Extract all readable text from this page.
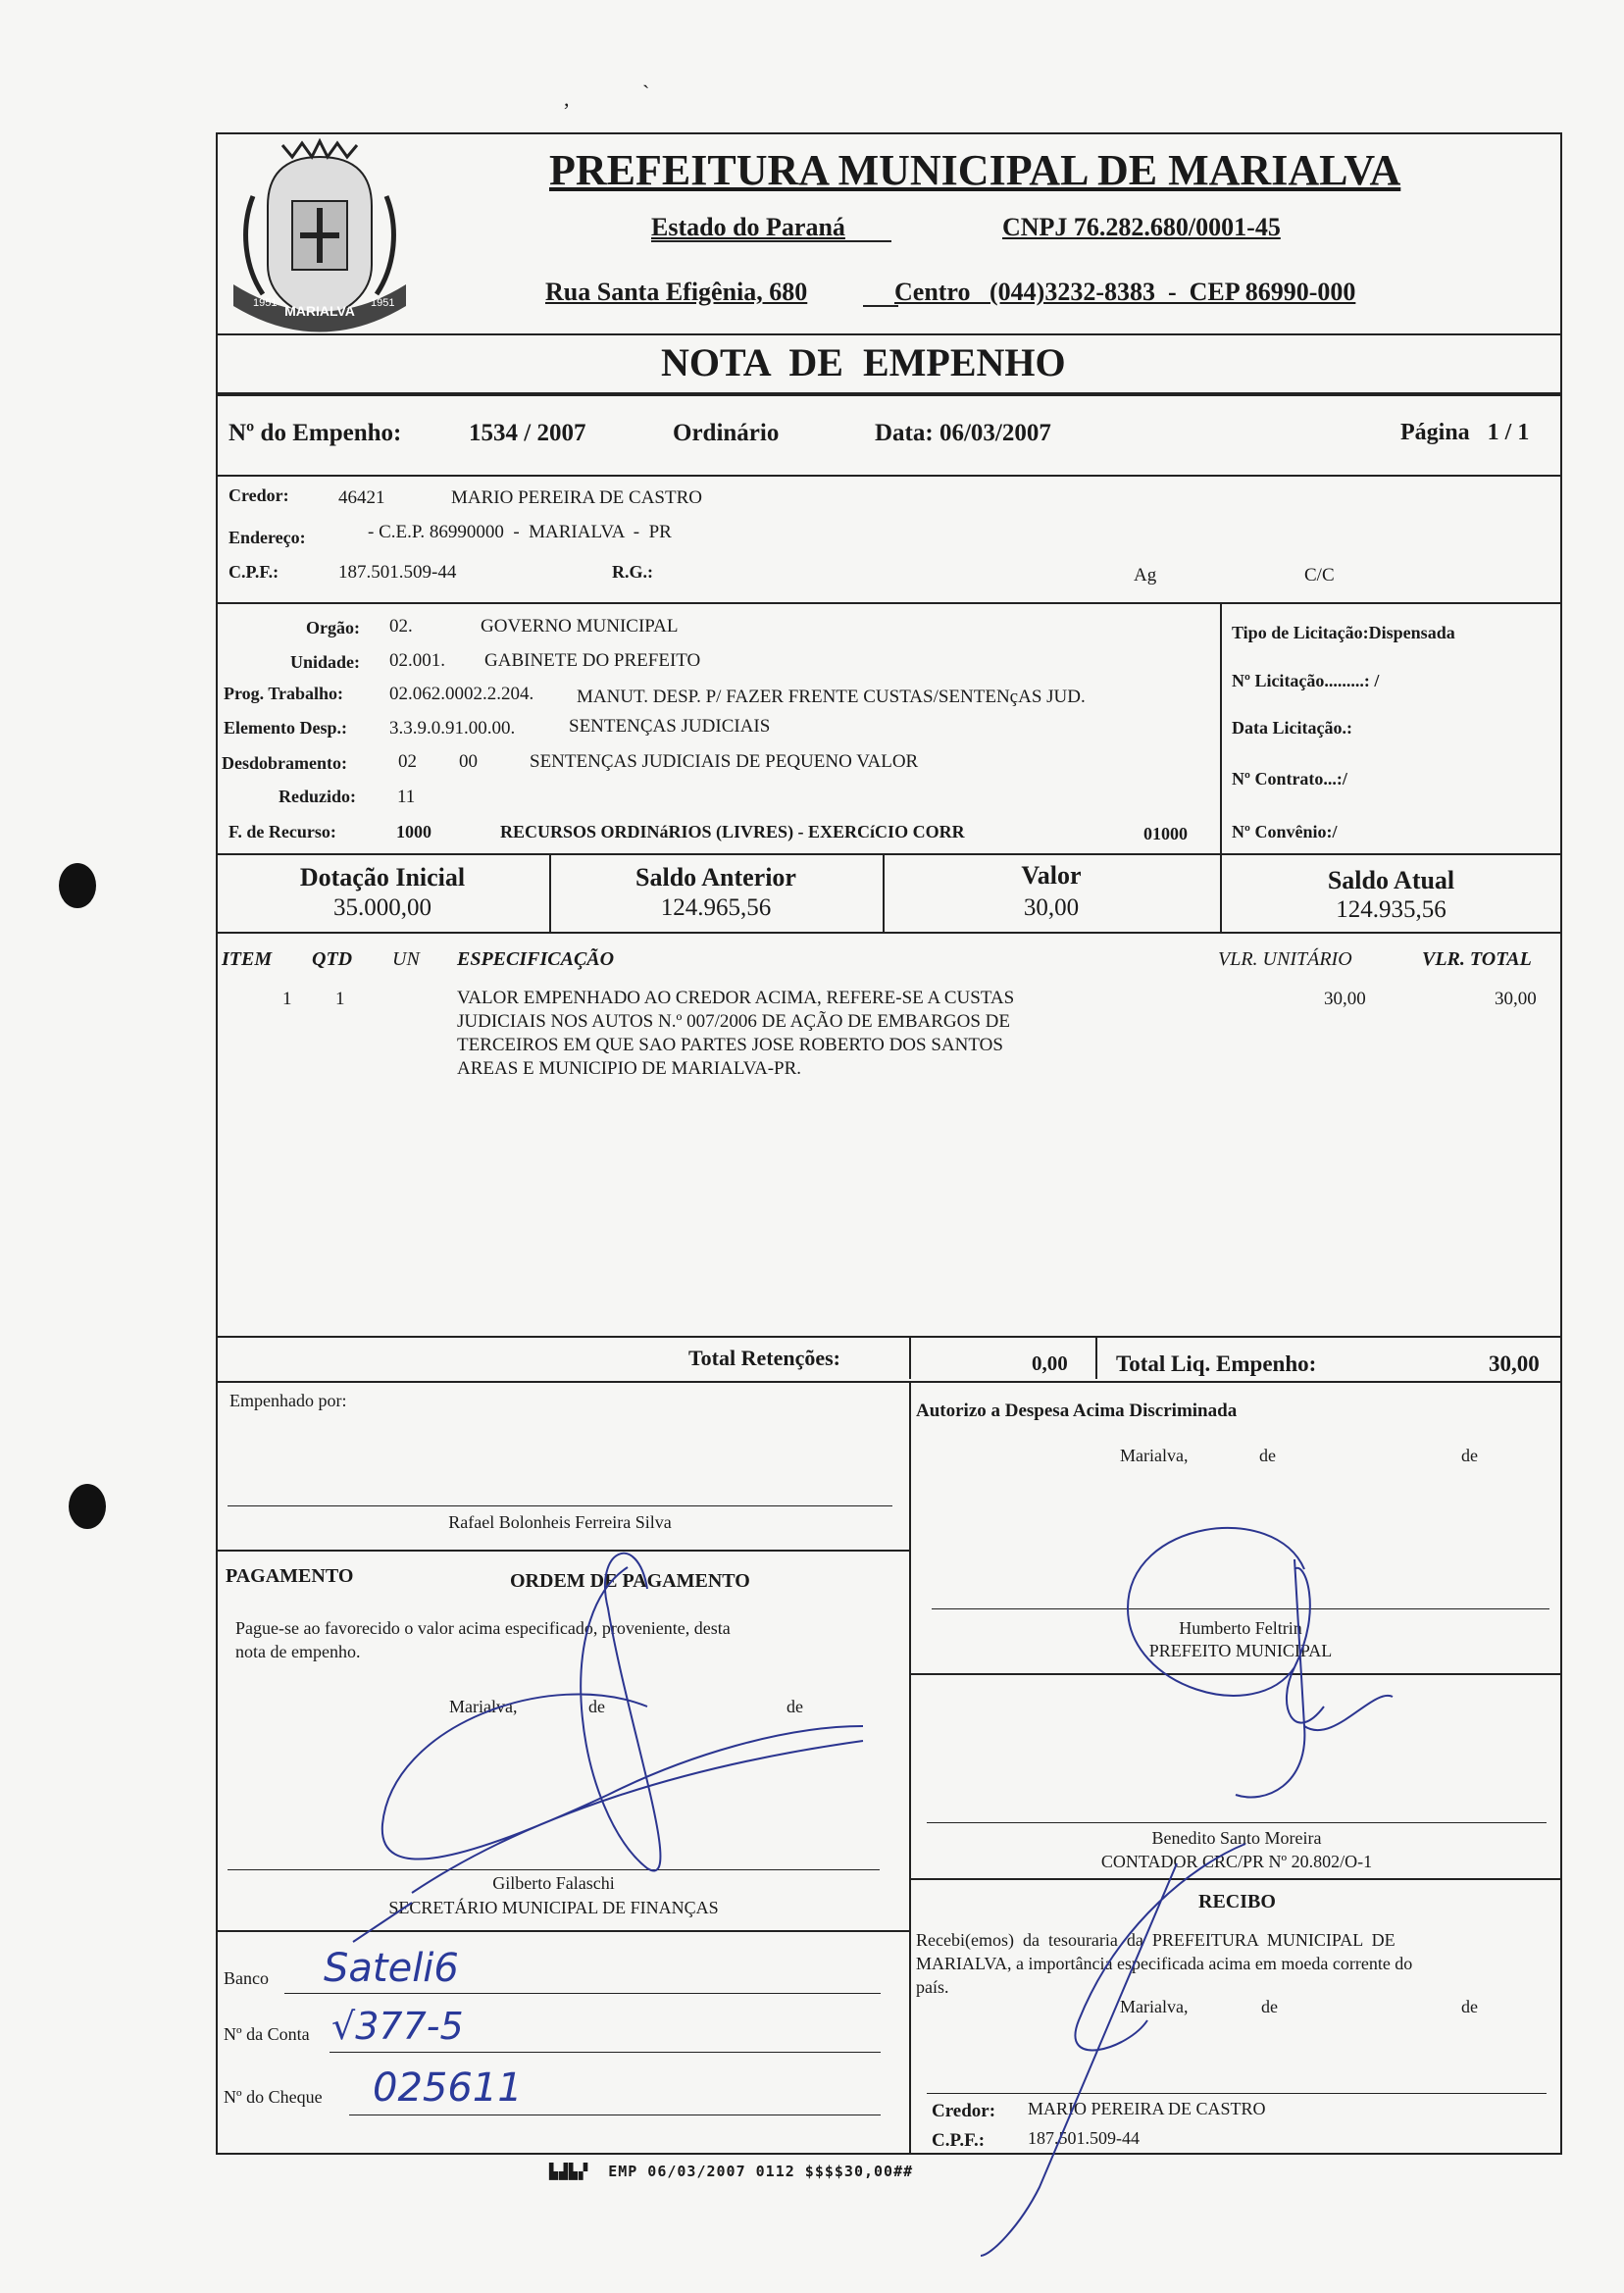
,	`
MARIALVA
1951	1951
PREFEITURA MUNICIPAL DE MARIALVA
Estado do Paraná	CNPJ 76.282.680/0001-45
Rua Santa Efigênia, 680	Centro   (044)3232-8383  -  CEP 86990-000
NOTA  DE  EMPENHO
Nº do Empenho:	1534 / 2007	Ordinário	Data: 06/03/2007	Página   1 / 1
Credor:	46421	MARIO PEREIRA DE CASTRO
Endereço:	- C.E.P. 86990000  -  MARIALVA  -  PR
C.P.F.:	187.501.509-44	R.G.:	Ag	C/C
Orgão: 02.	GOVERNO MUNICIPAL
Unidade: 02.001. GABINETE DO PREFEITO
Prog. Trabalho: 02.062.0002.2.204. MANUT. DESP. P/ FAZER FRENTE CUSTAS/SENTENçAS JUD.
Elemento Desp.: 3.3.9.0.91.00.00.	SENTENÇAS JUDICIAIS
Desdobramento:	02 00	SENTENÇAS JUDICIAIS DE PEQUENO VALOR
Reduzido: 11
F. de Recurso:	1000	RECURSOS ORDINáRIOS (LIVRES) - EXERCíCIO CORR	01000
Tipo de Licitação:Dispensada
Nº Licitação.........: /
Data Licitação.:
Nº Contrato...:/
Nº Convênio:/
Dotação Inicial
35.000,00
Saldo Anterior
124.965,56
Valor
30,00
Saldo Atual
124.935,56
ITEM QTD UN ESPECIFICAÇÃO	VLR. UNITÁRIO	VLR. TOTAL
1 1	VALOR EMPENHADO AO CREDOR ACIMA, REFERE-SE A CUSTAS
JUDICIAIS NOS AUTOS N.º 007/2006 DE AÇÃO DE EMBARGOS DE
TERCEIROS EM QUE SAO PARTES JOSE ROBERTO DOS SANTOS
AREAS E MUNICIPIO DE MARIALVA-PR.
30,00	30,00
Total Retenções:	0,00 Total Liq. Empenho:	30,00
Empenhado por:
Rafael Bolonheis Ferreira Silva
Autorizo a Despesa Acima Discriminada
Marialva,	de	de
Humberto Feltrin
PREFEITO MUNICIPAL
Benedito Santo Moreira
CONTADOR CRC/PR Nº 20.802/O-1
PAGAMENTO	ORDEM DE PAGAMENTO
Pague-se ao favorecido o valor acima especificado, proveniente, desta
nota de empenho.
Marialva,	de	de
Gilberto Falaschi
SECRETÁRIO MUNICIPAL DE FINANÇAS
Banco Sateli6
Nº da Conta √377-5
Nº do Cheque 025611
RECIBO
Recebi(emos)  da  tesouraria  da  PREFEITURA  MUNICIPAL  DE
MARIALVA, a importância especificada acima em moeda corrente do
país.
Marialva,	de	de
Credor: MARIO PEREIRA DE CASTRO
C.P.F.: 187.501.509-44
▙▟▙▞ EMP 06/03/2007 0112 $$$$30,00##
